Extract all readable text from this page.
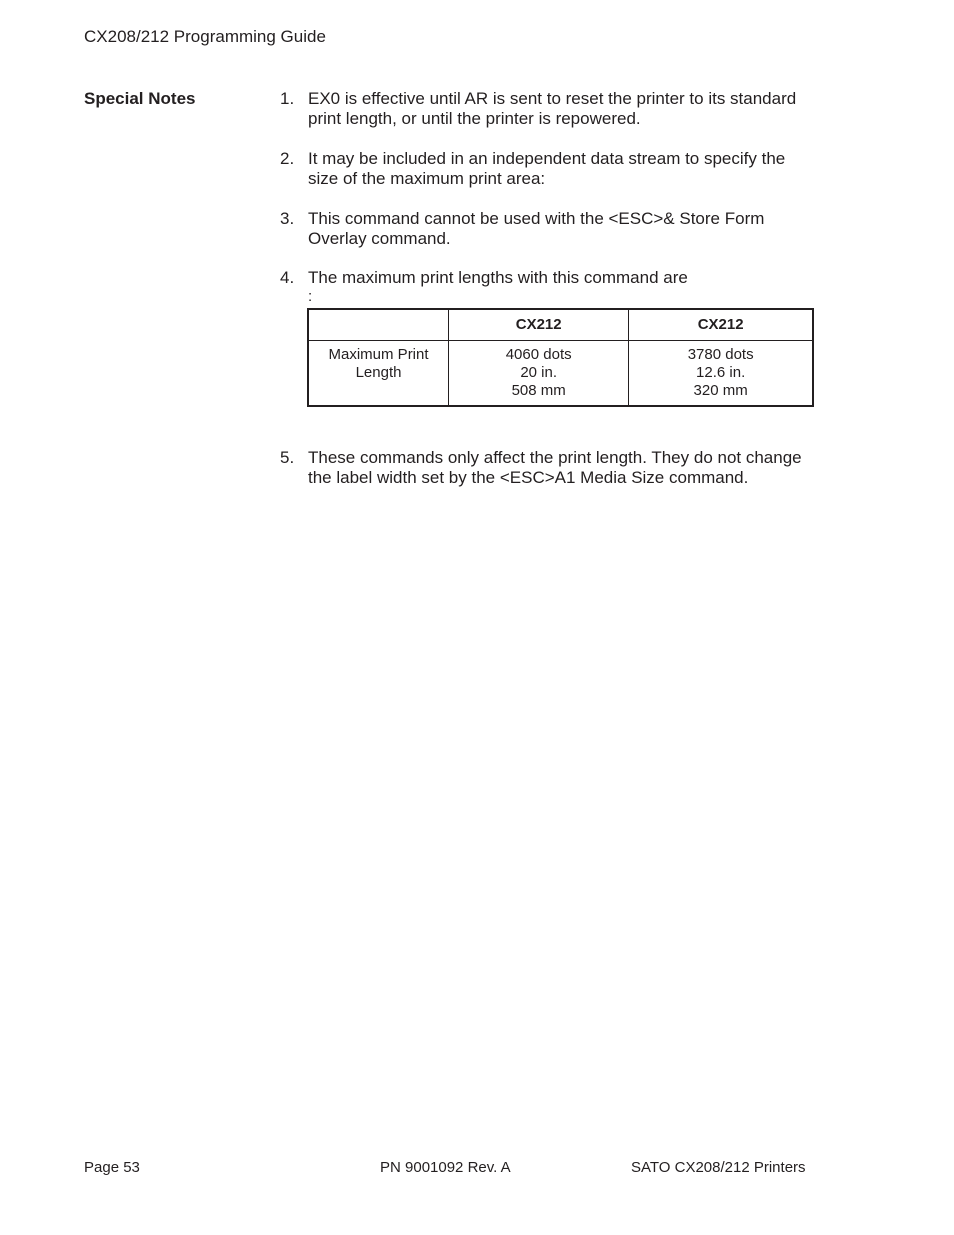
CX208/212 Programming Guide
Special Notes	1. EX0 is effective until AR is sent to reset the printer to its standard
print length, or until the printer is repowered.
2. It may be included in an independent data stream to specify the
size of the maximum print area:
3. This command cannot be used with the <ESC>& Store Form
Overlay command.
4. The maximum print lengths with this command are
:
	CX212	CX212

Maximum Print
Length	4060 dots
20 in.
508 mm	3780 dots
12.6 in.
320 mm
5. These commands only affect the print length. They do not change
the label width set by the <ESC>A1 Media Size command.
Page 53	PN 9001092 Rev. A	SATO CX208/212 Printers
